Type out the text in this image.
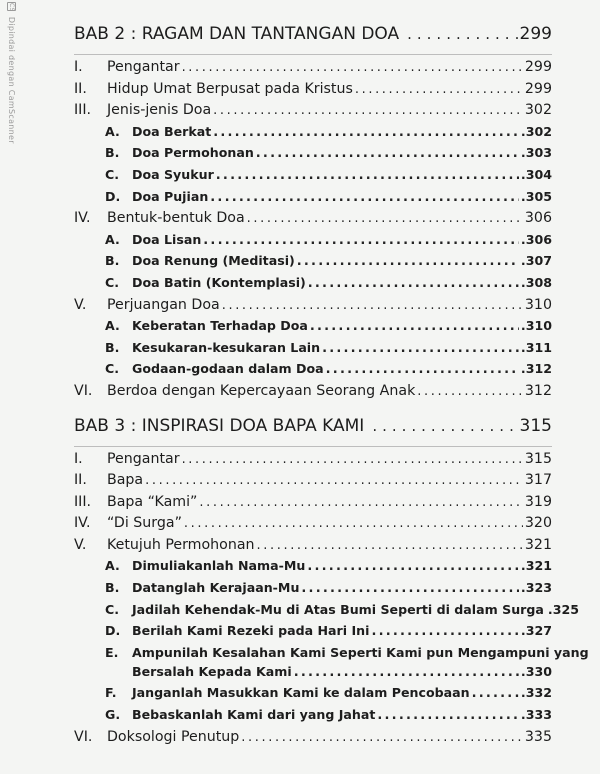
CS Dipindai dengan CamScanner	BAB 2 : RAGAM DAN TANTANGAN DOA .....	299
I.	Pengantar .....	299
II.	Hidup Umat Berpusat pada Kristus .....	299
III.	Jenis-jenis Doa .....	302
A. Doa Berkat .....	.302
B.	Doa Permohonan .....	.303
C.	Doa Syukur .....	.304
D. Doa Pujian .....	.305
IV.	Bentuk-bentuk Doa .....	306
A. Doa Lisan .....	.306
B.	Doa Renung (Meditasi) .....	.307
C.	Doa Batin (Kontemplasi) .....	.308
V.	Perjuangan Doa .....	310
A. Keberatan Terhadap Doa .....	.310
B.	Kesukaran-kesukaran Lain .....	.311
C.	Godaan-godaan dalam Doa .....	.312
VI.	Berdoa dengan Kepercayaan Seorang Anak .....	312
BAB 3 : INSPIRASI DOA BAPA KAMI .....	315
I.	Pengantar .....	315
II.	Bapa .....	317
III.	Bapa “Kami” .....	319
IV.	“Di Surga” .....	320
V.	Ketujuh Permohonan .....	321
A. Dimuliakanlah Nama-Mu .....	.321
B.	Datanglah Kerajaan-Mu .....	.323
C.	Jadilah Kehendak-Mu di Atas Bumi Seperti di dalam Surga .325
D. Berilah Kami Rezeki pada Hari Ini .....	.327
E.	Ampunilah Kesalahan Kami Seperti Kami pun Mengampuni yang
Bersalah Kepada Kami .....	.330
F.	Janganlah Masukkan Kami ke dalam Pencobaan .....	.332
G. Bebaskanlah Kami dari yang Jahat .....	.333
VI.	Doksologi Penutup .....	335
